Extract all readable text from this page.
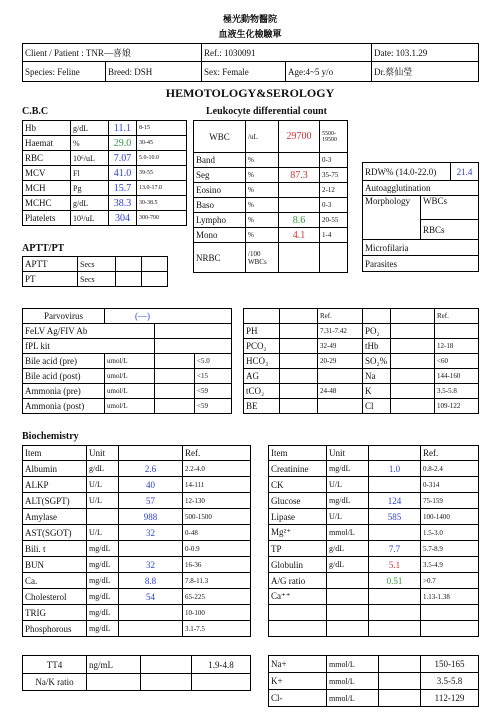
極光動物醫院
血液生化檢驗單
Client / Patient : TNR—喜娘		Ref.: 1030091		Date: 103.1.29
Species: Feline	Breed: DSH	Sex: Female	Age:4~5 y/o	Dr.蔡仙瑩
HEMOTOLOGY&SEROLOGY
C.B.C
Hb	g/dL	11.1	8-15
Haemat	%	29.0	30-45
RBC	10⁶/uL	7.07	5.0-10.0
MCV	Fl	41.0	39-55
MCH	Pg	15.7	13.0-17.0
MCHC	g/dL	38.3	30-38.5
Platelets	10³/uL	304	300-700
Leukocyte differential count
WBC	/uL	29700	5500-
19500

Band	%		0-3
Seg	%	87.3	35-75
Eosino	%		2-12
Baso	%		0-3
Lympho	%	8.6	20-55
Mono	%	4.1	1-4
NRBC	/100
WBCs		

RDW% (14.0-22.0)		21.4
Autoagglutination		
Morphology	WBCs	
	RBCs	
Microfilaria		
Parasites		
APTT/PT
APTT	Secs		
PT	Secs		
Parvovirus	(—)		
FeLV Ag/FIV Ab			
fPL kit			
Bile acid (pre)	umol/L		<5.0
Bile acid (post)	umol/L		<15
Ammonia (pre)	umol/L		<59
Ammonia (post)	umol/L		<59
		Ref.			Ref.
PH		7.31-7.42	PO₂		
PCO₂		32-49	tHb		12-18
HCO₃		20-29	SO₂%		<60
AG			Na		144-160
tCO₂		24-48	K		3.5-5.8
BE			Cl		109-122
Biochemistry
Item	Unit		Ref.
Albumin	g/dL	2.6	2.2-4.0
ALKP	U/L	40	14-111
ALT(SGPT)	U/L	57	12-130
Amylase		988	500-1500
AST(SGOT)	U/L	32	0-48
Bili. t	mg/dL		0-0.9
BUN	mg/dL	32	16-36
Ca.	mg/dL	8.8	7.8-11.3
Cholesterol	mg/dL	54	65-225
TRIG	mg/dL		10-100
Phosphorous	mg/dL		3.1-7.5
Item	Unit		Ref.
Creatinine	mg/dL	1.0	0.8-2.4
CK	U/L		0-314
Glucose	mg/dL	124	75-159
Lipase	U/L	585	100-1400
Mg²⁺	mmol/L		1.5-3.0
TP	g/dL	7.7	5.7-8.9
Globulin	g/dL	5.1	3.5-4.9
A/G ratio		0.51	>0.7
Ca⁺⁺			1.13-1.38

TT4	ng/mL		1.9-4.8
Na/K ratio			
Na+	mmol/L		150-165
K+	mmol/L		3.5-5.8
Cl-	mmol/L		112-129
